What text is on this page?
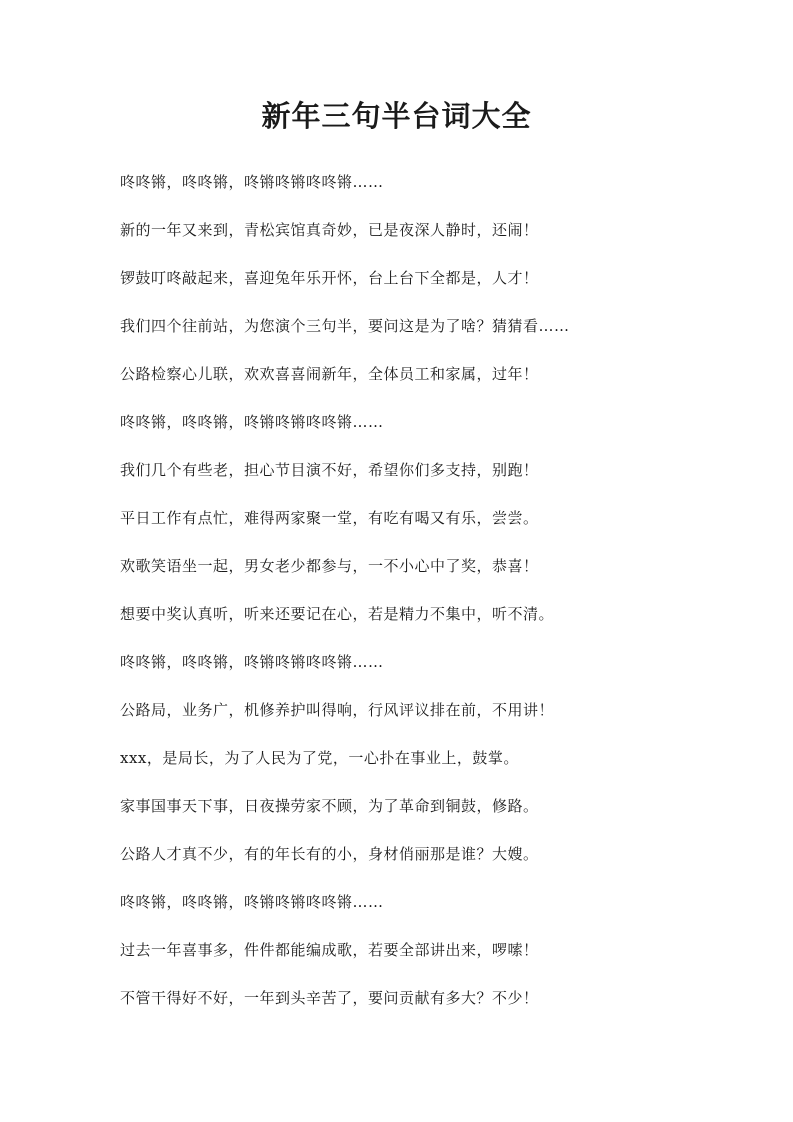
新年三句半台词大全
咚咚锵，咚咚锵，咚锵咚锵咚咚锵……
新的一年又来到，青松宾馆真奇妙，已是夜深人静时，还闹！
锣鼓叮咚敲起来，喜迎兔年乐开怀，台上台下全都是，人才！
我们四个往前站，为您演个三句半，要问这是为了啥？猜猜看……
公路检察心儿联，欢欢喜喜闹新年，全体员工和家属，过年！
咚咚锵，咚咚锵，咚锵咚锵咚咚锵……
我们几个有些老，担心节目演不好，希望你们多支持，别跑！
平日工作有点忙，难得两家聚一堂，有吃有喝又有乐，尝尝。
欢歌笑语坐一起，男女老少都参与，一不小心中了奖，恭喜！
想要中奖认真听，听来还要记在心，若是精力不集中，听不清。
咚咚锵，咚咚锵，咚锵咚锵咚咚锵……
公路局，业务广，机修养护叫得响，行风评议排在前，不用讲！
xxx，是局长，为了人民为了党，一心扑在事业上，鼓掌。
家事国事天下事，日夜操劳家不顾，为了革命到铜鼓，修路。
公路人才真不少，有的年长有的小，身材俏丽那是谁？大嫂。
咚咚锵，咚咚锵，咚锵咚锵咚咚锵……
过去一年喜事多，件件都能编成歌，若要全部讲出来，啰嗦！
不管干得好不好，一年到头辛苦了，要问贡献有多大？不少！
